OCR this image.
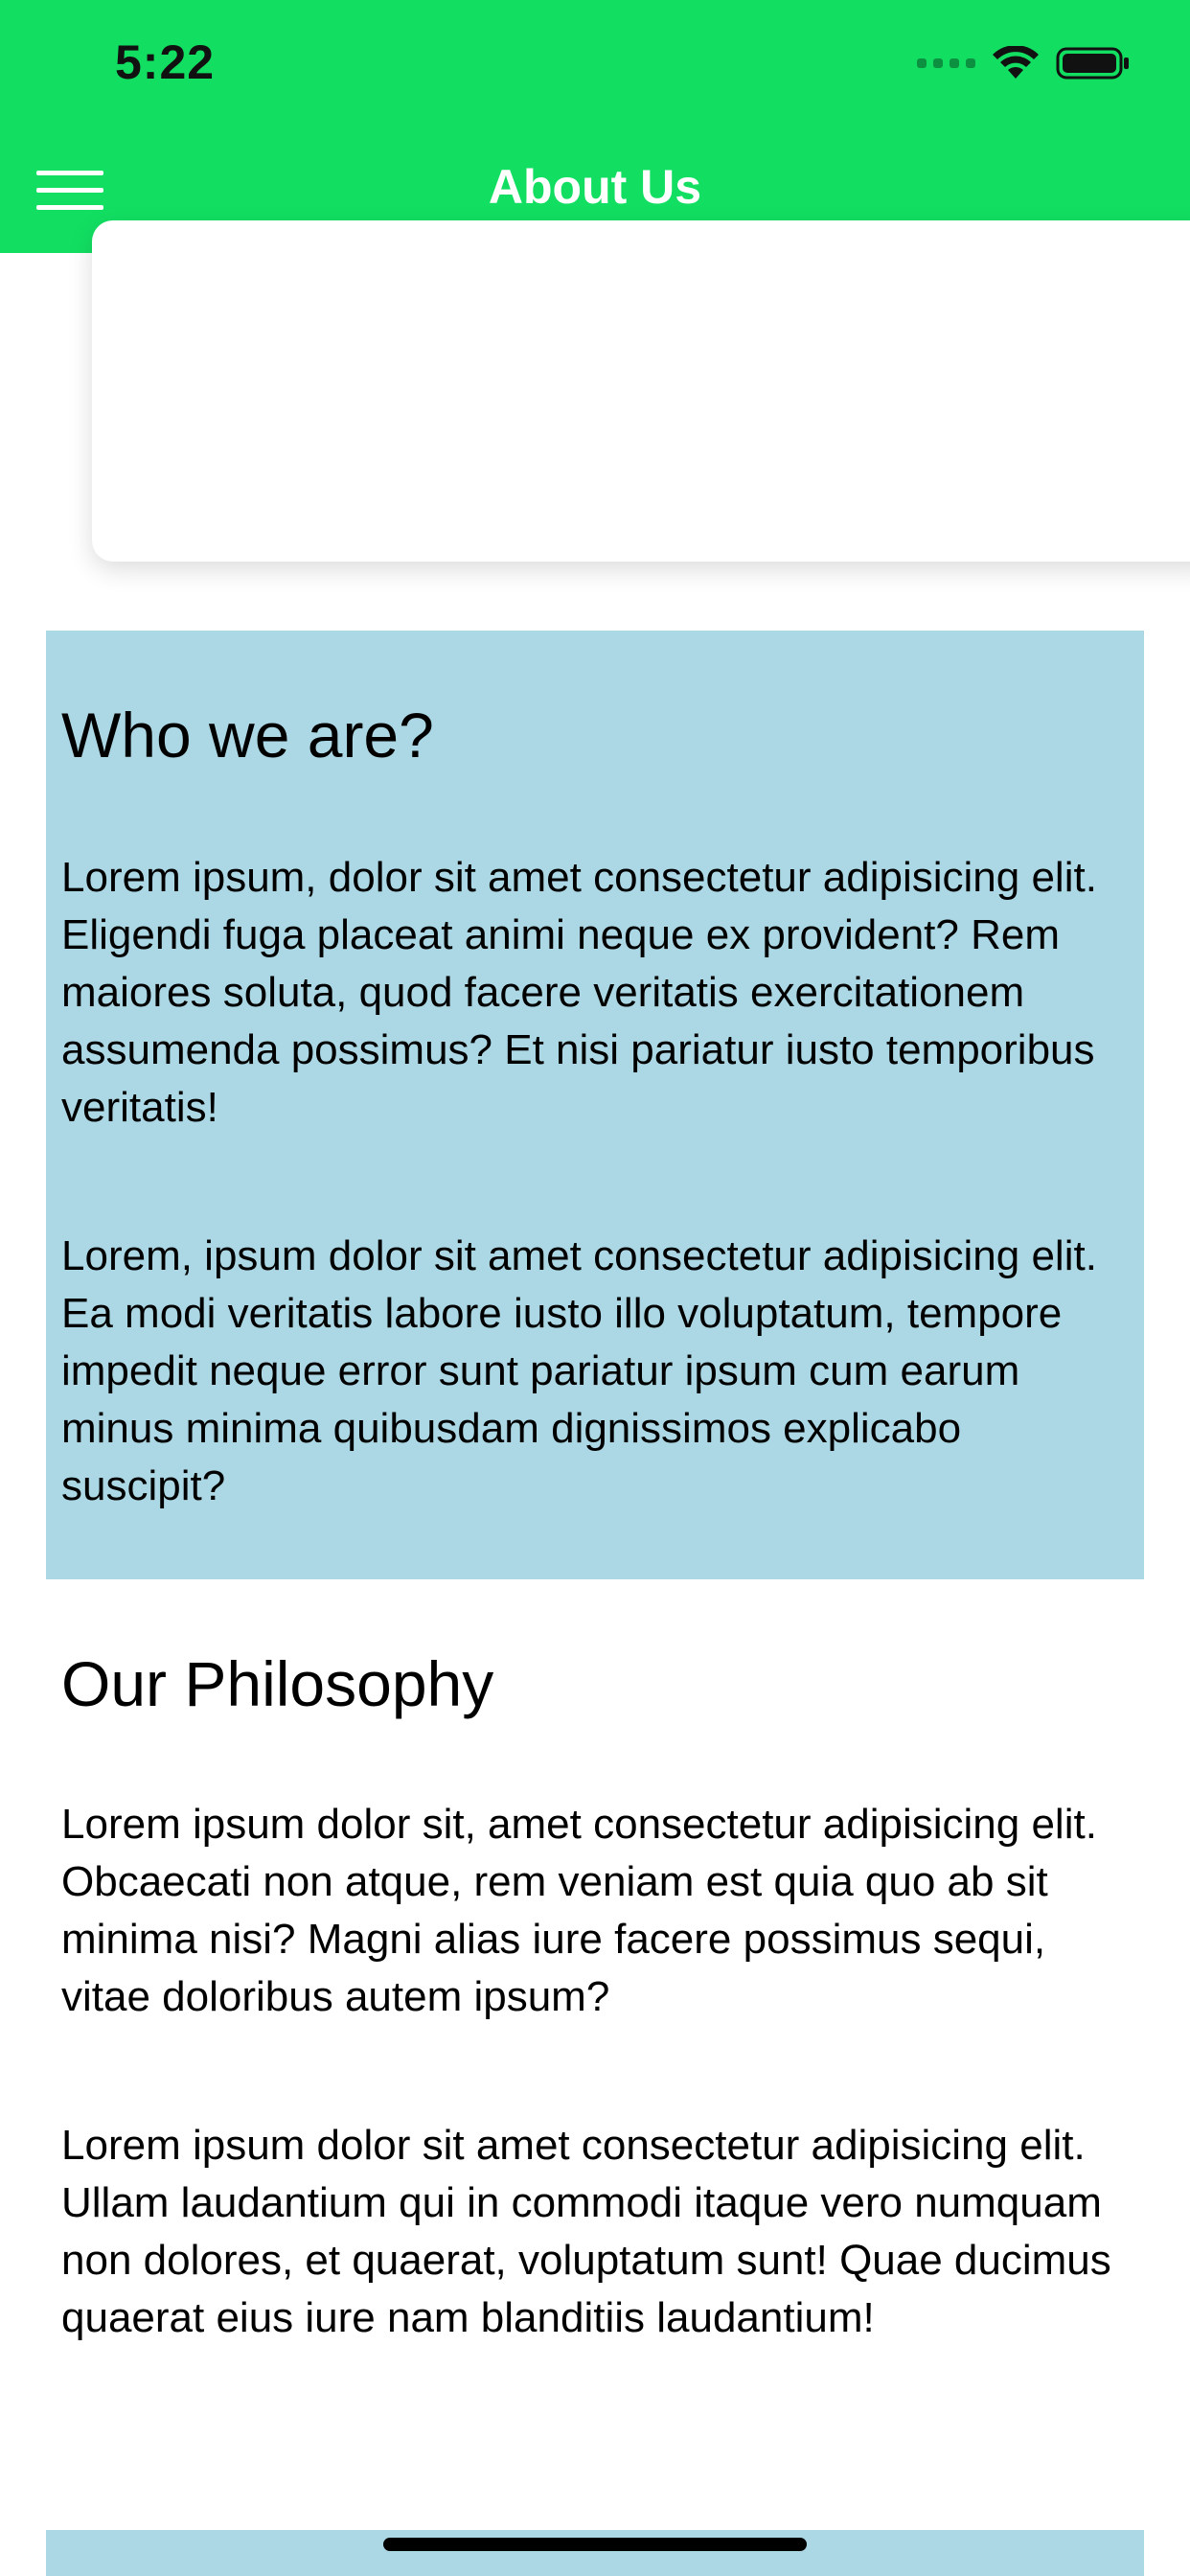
5:22
About Us
Who we are?

Lorem ipsum, dolor sit amet consectetur adipisicing elit. Eligendi fuga placeat animi neque ex provident? Rem maiores soluta, quod facere veritatis exercitationem assumenda possimus? Et nisi pariatur iusto temporibus veritatis!

Lorem, ipsum dolor sit amet consectetur adipisicing elit. Ea modi veritatis labore iusto illo voluptatum, tempore impedit neque error sunt pariatur ipsum cum earum minus minima quibusdam dignissimos explicabo suscipit?

Our Philosophy

Lorem ipsum dolor sit, amet consectetur adipisicing elit. Obcaecati non atque, rem veniam est quia quo ab sit minima nisi? Magni alias iure facere possimus sequi, vitae doloribus autem ipsum?

Lorem ipsum dolor sit amet consectetur adipisicing elit. Ullam laudantium qui in commodi itaque vero numquam non dolores, et quaerat, voluptatum sunt! Quae ducimus quaerat eius iure nam blanditiis laudantium!
